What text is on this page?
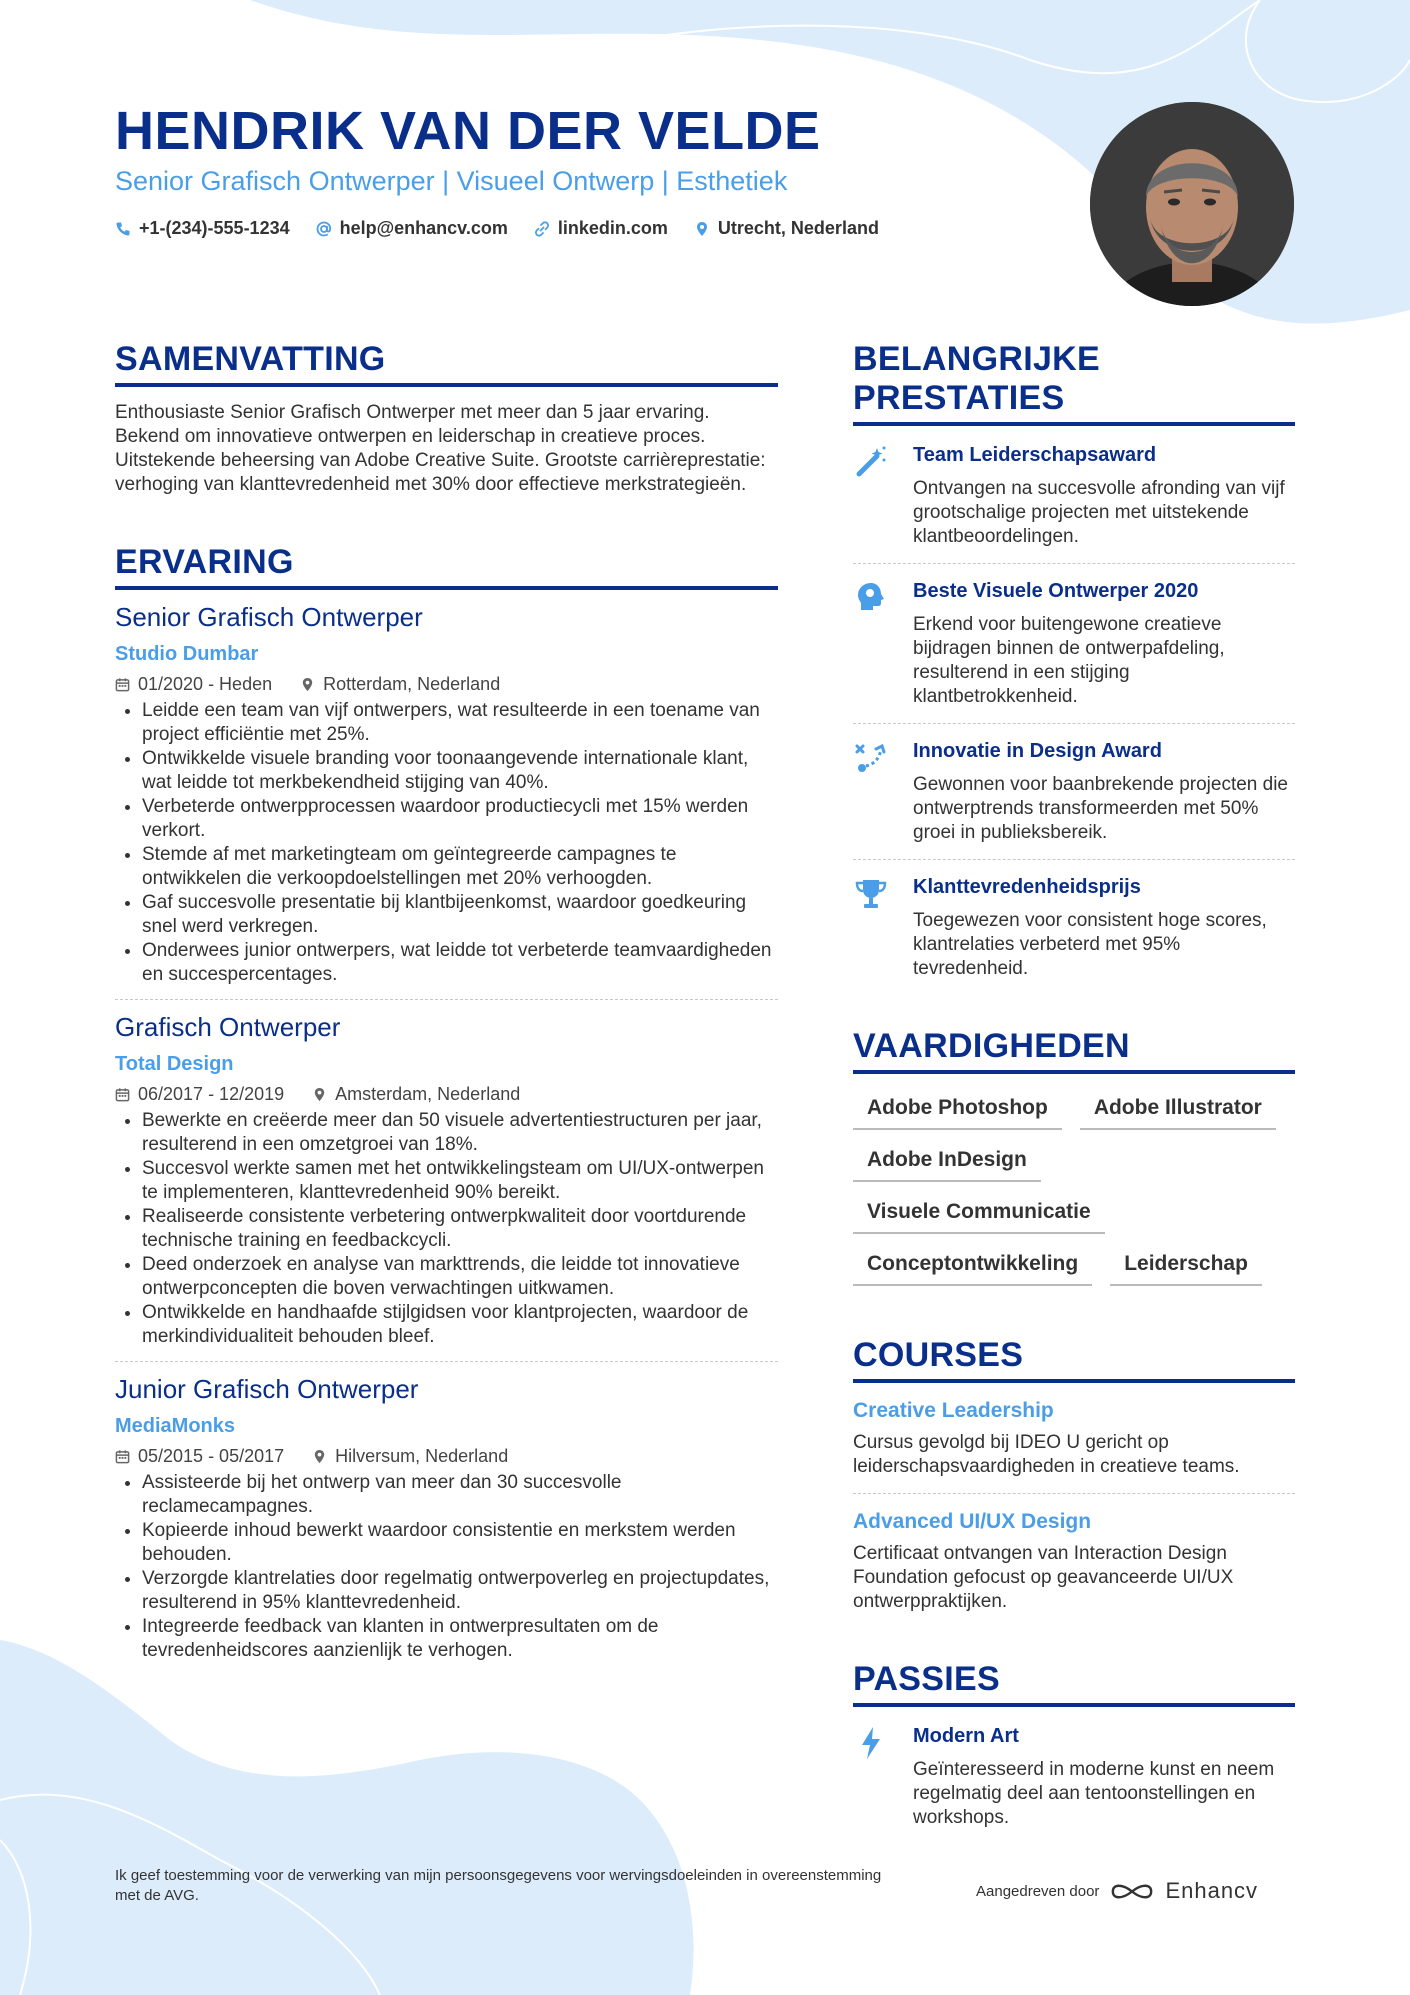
HENDRIK VAN DER VELDE
Senior Grafisch Ontwerper | Visueel Ontwerp | Esthetiek
+1-(234)-555-1234	help@enhancv.com	linkedin.com	Utrecht, Nederland
SAMENVATTING

Enthousiaste Senior Grafisch Ontwerper met meer dan 5 jaar ervaring. Bekend om innovatieve ontwerpen en leiderschap in creatieve proces. Uitstekende beheersing van Adobe Creative Suite. Grootste carrièreprestatie: verhoging van klanttevredenheid met 30% door effectieve merkstrategieën.

ERVARING
Senior Grafisch Ontwerper
Studio Dumbar
01/2020 - Heden	Rotterdam, Nederland
• Leidde een team van vijf ontwerpers, wat resulteerde in een toename van project efficiëntie met 25%.
• Ontwikkelde visuele branding voor toonaangevende internationale klant, wat leidde tot merkbekendheid stijging van 40%.
• Verbeterde ontwerpprocessen waardoor productiecycli met 15% werden verkort.
• Stemde af met marketingteam om geïntegreerde campagnes te ontwikkelen die verkoopdoelstellingen met 20% verhoogden.
• Gaf succesvolle presentatie bij klantbijeenkomst, waardoor goedkeuring snel werd verkregen.
• Onderwees junior ontwerpers, wat leidde tot verbeterde teamvaardigheden en succespercentages.
Grafisch Ontwerper
Total Design
06/2017 - 12/2019	Amsterdam, Nederland
• Bewerkte en creëerde meer dan 50 visuele advertentiestructuren per jaar, resulterend in een omzetgroei van 18%.
• Succesvol werkte samen met het ontwikkelingsteam om UI/UX-ontwerpen te implementeren, klanttevredenheid 90% bereikt.
• Realiseerde consistente verbetering ontwerpkwaliteit door voortdurende technische training en feedbackcycli.
• Deed onderzoek en analyse van markttrends, die leidde tot innovatieve ontwerpconcepten die boven verwachtingen uitkwamen.
• Ontwikkelde en handhaafde stijlgidsen voor klantprojecten, waardoor de merkindividualiteit behouden bleef.
Junior Grafisch Ontwerper
MediaMonks
05/2015 - 05/2017	Hilversum, Nederland
• Assisteerde bij het ontwerp van meer dan 30 succesvolle reclamecampagnes.
• Kopieerde inhoud bewerkt waardoor consistentie en merkstem werden behouden.
• Verzorgde klantrelaties door regelmatig ontwerpoverleg en projectupdates, resulterend in 95% klanttevredenheid.
• Integreerde feedback van klanten in ontwerpresultaten om de tevredenheidscores aanzienlijk te verhogen.
BELANGRIJKE PRESTATIES
Team Leiderschapsaward
Ontvangen na succesvolle afronding van vijf grootschalige projecten met uitstekende klantbeoordelingen.
Beste Visuele Ontwerper 2020
Erkend voor buitengewone creatieve bijdragen binnen de ontwerpafdeling, resulterend in een stijging klantbetrokkenheid.
Innovatie in Design Award
Gewonnen voor baanbrekende projecten die ontwerptrends transformeerden met 50% groei in publieksbereik.
Klanttevredenheidsprijs
Toegewezen voor consistent hoge scores, klantrelaties verbeterd met 95% tevredenheid.
VAARDIGHEDEN
Adobe Photoshop	Adobe Illustrator
Adobe InDesign
Visuele Communicatie
Conceptontwikkeling	Leiderschap
COURSES
Creative Leadership
Cursus gevolgd bij IDEO U gericht op leiderschapsvaardigheden in creatieve teams.
Advanced UI/UX Design
Certificaat ontvangen van Interaction Design Foundation gefocust op geavanceerde UI/UX ontwerppraktijken.
PASSIES
Modern Art
Geïnteresseerd in moderne kunst en neem regelmatig deel aan tentoonstellingen en workshops.
Ik geef toestemming voor de verwerking van mijn persoonsgegevens voor wervingsdoeleinden in overeenstemming met de AVG.	Aangedreven door	Enhancv
